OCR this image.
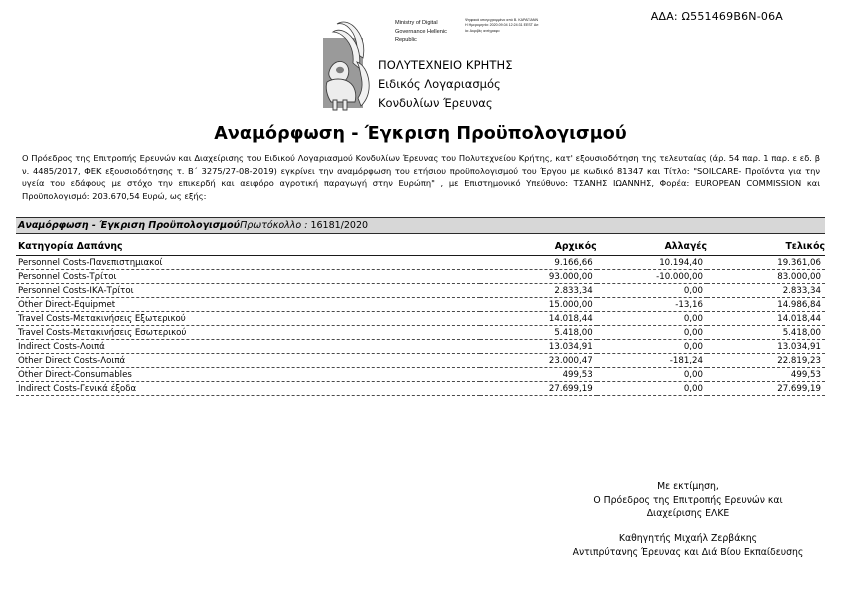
ΑΔΑ: Ω551469Β6Ν-06Α
Ministry of Digital Governance Hellenic Republic
Ψηφιακά υπογεγραμμένο από Β. ΚΑΡΑΓΙΑΝΝΗ Ημερομηνία: 2020.09.04 12:24:31 EEST Αιτία: Ακριβές αντίγραφο
ΠΟΛΥΤΕΧΝΕΙΟ ΚΡΗΤΗΣ
Ειδικός Λογαριασμός
Κονδυλίων Έρευνας
Αναμόρφωση - Έγκριση Προϋπολογισμού
Ο Πρόεδρος της Επιτροπής Ερευνών και Διαχείρισης του Ειδικού Λογαριασμού Κονδυλίων Έρευνας του Πολυτεχνείου Κρήτης, κατ' εξουσιοδότηση της τελευταίας (άρ. 54 παρ. 1 παρ. ε εδ. β ν. 4485/2017, ΦΕΚ εξουσιοδότησης τ. Β΄ 3275/27-08-2019) εγκρίνει την αναμόρφωση του ετήσιου προϋπολογισμού του Έργου με κωδικό 81347 και Τίτλο: "SOILCARE- Προϊόντα για την υγεία του εδάφους με στόχο την επικερδή και αειφόρο αγροτική παραγωγή στην Ευρώπη" , με Επιστημονικό Υπεύθυνο: ΤΣΑΝΗΣ ΙΩΑΝΝΗΣ, Φορέα: EUROPEAN COMMISSION και Προϋπολογισμό: 203.670,54 Ευρώ, ως εξής:
Αναμόρφωση - Έγκριση ΠροϋπολογισμούΠρωτόκολλο : 16181/2020
Κατηγορία Δαπάνης	Αρχικός	Αλλαγές	Τελικός
Personnel Costs-Πανεπιστημιακοί	9.166,66	10.194,40	19.361,06
Personnel Costs-Τρίτοι	93.000,00	-10.000,00	83.000,00
Personnel Costs-ΙΚΑ-Τρίτοι	2.833,34	0,00	2.833,34
Other Direct-Equipmet	15.000,00	-13,16	14.986,84
Travel Costs-Μετακινήσεις Εξωτερικού	14.018,44	0,00	14.018,44
Travel Costs-Μετακινήσεις Εσωτερικού	5.418,00	0,00	5.418,00
Indirect Costs-Λοιπά	13.034,91	0,00	13.034,91
Other Direct Costs-Λοιπά	23.000,47	-181,24	22.819,23
Other Direct-Consumables	499,53	0,00	499,53
Indirect Costs-Γενικά έξοδα	27.699,19	0,00	27.699,19
Με εκτίμηση,
Ο Πρόεδρος της Επιτροπής Ερευνών και
Διαχείρισης ΕΛΚΕ
Καθηγητής Μιχαήλ Ζερβάκης
Αντιπρύτανης Έρευνας και Διά Βίου Εκπαίδευσης
